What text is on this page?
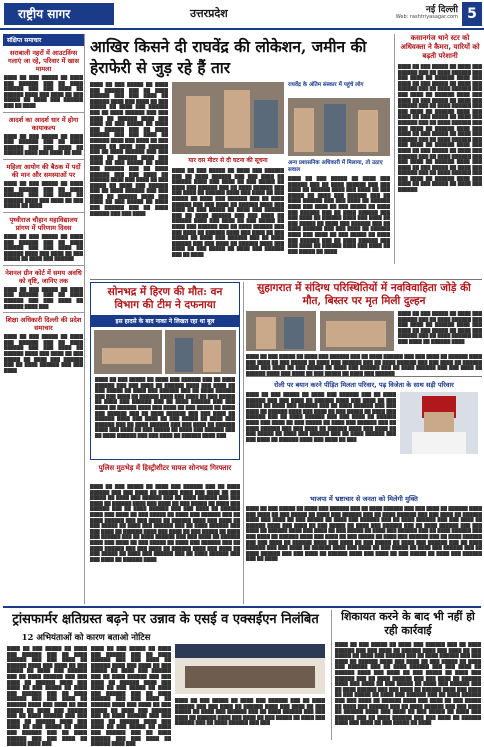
राष्ट्रीय सागर	उत्तरप्रदेश	नई दिल्ली
Web: rashtriyasagar.com 5
संक्षिप्त समाचार
सराबाली नहरों में आउटविंग्स गलाएं जा रहे, परिवार में खास मामला
████ ██ ███ █████ ██ ████ ███ ██████ ███ ██ ████ ██████ ███ ███ ████ ██ ██████ ████ ███ ████ ██ ███ █████ ██ ████ ███ ██████ ███ ██ ████
आदर्श का आदर्श धार में होगा कायाकल्प
████ ██ ███ █████ ██ ████ ███ ██████ ███ ██ ████ ██████ ███ ███ ████ ██ ██████ ████ ███ ████ ██ ███
महिला आयोग की बैठक में पदों की मान और समस्याओं पर
████ ██ ███ █████ ██ ████ ███ ██████ ███ ██ ████ ██████ ███ ███ ████ ██ ██████ ████ ███ ████ ██ ███ █████ ██ ████
पृथ्वीराज चौहान महाविद्यालय प्रांगण में परिणाम दिवस
████ ██ ███ █████ ██ ████ ███ ██████ ███ ██ ████ ██████ ███ ███ ████ ██ ██████ ████ ███ ████ ██ ███ █████ ██ ████ ███ ██████
नेशनल ग्रीन कोर्ट में समय अवधि को वृष्टि, जानिए तक
████ ██ ███ █████ ██ ████ ███ ██████ ███ ██ ████ ██████ ███ ███ ████ ██ ██████ ████ ███
शिक्षा अधिकारी दिल्ली की प्रदेश समाचार
████ ██ ███ █████ ██ ████ ███ ██████ ███ ██ ████ ██████ ███ ███ ████ ██ ██████ ████ ███ ████ ██ ███ █████ ██ ████ ███ ██████ ███ ██ ████ ██████ ███ ███ ████
आखिर किसने दी राघवेंद्र की लोकेशन, जमीन की हेराफेरी से जुड़ रहे हैं तार
कसानगंज थाने स्टर को अधिवक्ता ने कैमरा, यारियों को बढ़ती परेशानी
████ ██ ███ █████ ██ ████ ███ ██████ ███ ██ ████ ██████ ███ ███ ████ ██ ██████ ████ ███ ████ ██ ███ █████ ██ ████ ███ ██████ ███ ██ ████ ██████ ███ ███ ████ ██ ██████ ████ ███ ████ ██ ███ █████ ██ ████ ███ ██████ ███ ██ ████ ██████ ███ ███ ████ ██ ██████ ████ ███ ████ ██ ███ █████ ██ ████ ███ ██████ ███ ██ ████ ██████ ███ ███ ████ ██ ██████ ████ ███ ████ ██ ███ █████ ██ ████ ███ ██████ ███ ██ ████ ██████ ███ ███ ████ ██ ██████ ████ ███ ████ ██ ███ █████ ██ ████ ███ ██████ ███ ██ ████ ██████ ███ ███ ████ ██ ██████ ████ ███ ████ ██ ███ █████ ██ ████ ███ ██████ ███ ██ ████ ██████ ███ ███ ████ ██ ██████ ████ ███ ████ ██ ███ █████ ██ ████ ███ ██████
████ ██ ███ █████ ██ ████ ███ ██████ ███ ██ ████ ██████ ███ ███ ████ ██ ██████ ████ ███ ████ ██ ███ █████ ██ ████ ███ ██████ ███ ██ ████ ██████ ███ ███ ████ ██ ██████ ████ ███ ████ ██ ███ █████ ██ ████ ███ ██████ ███ ██ ████ ██████ ███ ███ ████ ██ ██████ ████ ███ ████ ██ ███ █████ ██ ████ ███ ██████ ███ ██ ████ ██████ ███ ███ ████ ██ ██████ ████ ███ ████ ██ ███ █████ ██ ████ ███ ██████ ███ ██ ████ ██████ ███ ███ ████ ██ ██████ ████ ███ ████ ██ ███ █████ ██ ████ ███ ██████ ███ ██ ████ ██████ ███ ███ ████ ██ ██████ ████ ███ ████ ██ ███ █████ ██ ████ ███ ██████ ███ ██ ████ ██████ ███ ███ ████
यार दस मीटर से दी घटना की सूचना
████ ██ ███ █████ ██ ████ ███ ██████ ███ ██ ████ ██████ ███ ███ ████ ██ ██████ ████ ███ ████ ██ ███ █████ ██ ████ ███ ██████ ███ ██ ████ ██████ ███ ███ ████ ██ ██████ ████ ███ ████ ██ ███ █████ ██ ████ ███ ██████ ███ ██ ████ ██████ ███ ███ ████ ██ ██████ ████ ███ ████ ██ ███ █████ ██ ████ ███ ██████ ███ ██ ████ ██████ ███ ███ ████ ██ ██████ ████ ███ ████ ██ ███ █████ ██ ████ ███ ██████ ███ ██ ████ ██████ ███ ███ ████ ██ ██████ ████ ███ ████ ██ ███ █████ ██ ████ ███ ██████ ███ ██ ████ ██████ ███ ███ ████ ██ ██████ ████ ███ ████ ██ ███ █████ ██ ████ ███ ██████ ███ ██ ████
राघवेंद्र के अंतिम संस्कार में पहुंचे लोग
अन्य प्रशासनिक अधिकारी में मिलाया, तो उठाए सवाल
████ ██ ███ █████ ██ ████ ███ ██████ ███ ██ ████ ██████ ███ ███ ████ ██ ██████ ████ ███ ████ ██ ███ █████ ██ ████ ███ ██████ ███ ██ ████ ██████ ███ ███ ████ ██ ██████ ████ ███ ████ ██ ███ █████ ██ ████ ███ ██████ ███ ██ ████ ██████ ███ ███ ████ ██ ██████ ████ ███ ████ ██ ███ █████ ██ ████ ███ ██████ ███ ██ ████ ██████ ███ ███ ████ ██ ██████ ████ ███ ████ ██ ███ █████ ██ ████ ███ ██████ ███ ██ ████ ██████ ███ ███ ████ ██ ██████ ████ ███ ████ ██ ███ █████ ██ ████
सोनभद्र में हिरण की मौत: वन विभाग की टीम ने दफनाया
इस हादसे के बाद नाका ने लिखत रहा था बूल
████ ██ ███ █████ ██ ████ ███ ██████ ███ ██ ████ ██████ ███ ███ ████ ██ ██████ ████ ███ ████ ██ ███ █████ ██ ████ ███ ██████ ███ ██ ████ ██████ ███ ███ ████ ██ ██████ ████ ███ ████ ██ ███ █████ ██ ████ ███ ██████ ███ ██ ████ ██████ ███ ███ ████ ██ ██████ ████ ███ ████ ██ ███ █████ ██ ████ ███ ██████ ███ ██ ████ ██████ ███ ███ ████ ██ ██████ ████ ███ ████ ██ ███ █████ ██ ████ ███ ██████ ███ ██ ████ ██████ ███ ███ ████ ██ ██████ ████ ███ ████ ██ ███ █████ ██ ████ ███ ██████ ███ ██ ████ ██████ ███ ███ ████ ██ ██████ ████ ███
पुलिस मुठभेड़ में हिस्ट्रीशीटर घायल सोनभद्र गिरफ्तार
████ ██ ███ █████ ██ ████ ███ ██████ ███ ██ ████ ██████ ███ ███ ████ ██ ██████ ████ ███ ████ ██ ███ █████ ██ ████ ███ ██████ ███ ██ ████ ██████ ███ ███ ████ ██ ██████ ████ ███ ████ ██ ███ █████ ██ ████ ███ ██████ ███ ██ ████ ██████ ███ ███ ████ ██ ██████ ████ ███ ████ ██ ███ █████ ██ ████ ███ ██████ ███ ██ ████ ██████ ███ ███ ████ ██ ██████ ████ ███ ████ ██ ███ █████ ██ ████ ███ ██████ ███ ██ ████ ██████ ███ ███ ████ ██ ██████ ████ ███ ████ ██ ███ █████ ██ ████ ███ ██████ ███ ██ ████ ██████ ███ ███ ████ ██ ██████ ████ ███ ████ ██ ███ █████ ██ ████ ███ ██████ ███ ██ ████ ██████ ███ ███ ████ ██ ██████ ████ ███ ████ ██ ███ █████ ██ ████ ███ ██████ ███ ██ ████ ██████ ███ ███ ████ ██ ██████ ████
सुहागरात में संदिग्ध परिस्थितियों में नवविवाहिता जोड़े की मौत, बिस्तर पर मृत मिली दुल्हन
████ ██ ███ █████ ██ ████ ███ ██████ ███ ██ ████ ██████ ███ ███ ████ ██ ██████ ████ ███ ████ ██ ███ █████ ██ ████ ███ ██████ ███ ██ ████ ██████ ███ ███ ████ ██ ██████ ████
████ ██ ███ █████ ██ ████ ███ ██████ ███ ██ ████ ██████ ███ ███ ████ ██ ██████ ████ ███ ████ ██ ███ █████ ██ ████ ███ ██████ ███ ██ ████ ██████ ███ ███ ████ ██ ██████ ████ ███ ████ ██ ███ █████ ██ ████ ███ ██████ ███ ██ ████ ██████ ███ ███ ████ ██ ██████ ████ ███ ████ ██ ███ █████ ██ ████ ███ ██████
रोली पर बयान करने पीड़ित मिलता परिवार, पढ़ विजेता के साथ सड़ी परिवार
████ ██ ███ █████ ██ ████ ███ ██████ ███ ██ ████ ██████ ███ ███ ████ ██ ██████ ████ ███ ████ ██ ███ █████ ██ ████ ███ ██████ ███ ██ ████ ██████ ███ ███ ████ ██ ██████ ████ ███ ████ ██ ███ █████ ██ ████ ███ ██████ ███ ██ ████ ██████ ███ ███ ████ ██ ██████ ████ ███ ████ ██ ███ █████ ██ ████ ███ ██████ ███ ██ ████ ██████ ███ ███ ████ ██ ██████ ████ ███ ████ ██ ███ █████ ██ ████ ███ ██████ ███ ██ ████ ██████ ███ ███ ████ ██ ██████ ████ ███ ████ ██ ███
भाजपा में भ्रष्टाचार से जनता को मिलेगी मुक्ति
████ ██ ███ █████ ██ ████ ███ ██████ ███ ██ ████ ██████ ███ ███ ████ ██ ██████ ████ ███ ████ ██ ███ █████ ██ ████ ███ ██████ ███ ██ ████ ██████ ███ ███ ████ ██ ██████ ████ ███ ████ ██ ███ █████ ██ ████ ███ ██████ ███ ██ ████ ██████ ███ ███ ████ ██ ██████ ████ ███ ████ ██ ███ █████ ██ ████ ███ ██████ ███ ██ ████ ██████ ███ ███ ████ ██ ██████ ████ ███ ████ ██ ███ █████ ██ ████ ███ ██████ ███ ██ ████ ██████ ███ ███ ████ ██ ██████ ████ ███ ████ ██ ███ █████ ██ ████ ███ ██████ ███ ██ ████ ██████ ███ ███ ████ ██ ██████ ████ ███ ████ ██ ███ █████ ██ ████ ███ ██████ ███ ██ ████ ██████ ███ ███ ████ ██ ██████ ████ ███ ████ ██ ███ █████ ██ ████ ███ ██████ ███ ██ ████ ██████ ███ ███ ████ ██ ██████ ████ ███ ████ ██ ███ █████ ██ ████ ███ ██████ ███ ██ ████
ट्रांसफार्मर क्षतिग्रस्त बढ़ने पर उन्नाव के एसई व एक्सईएन निलंबित
12 अभियंताओं को कारण बताओ नोटिस
████ ██ ███ █████ ██ ████ ███ ██████ ███ ██ ████ ██████ ███ ███ ████ ██ ██████ ████ ███ ████ ██ ███ █████ ██ ████ ███ ██████ ███ ██ ████ ██████ ███ ███ ████ ██ ██████ ████ ███ ████ ██ ███ █████ ██ ████ ███ ██████ ███ ██ ████ ██████ ███ ███ ████ ██ ██████ ████ ███ ████ ██ ███ █████ ██ ████ ███ ██████ ███ ██ ████ ██████ ███ ███ ████ ██ ██████ ████ ███ ████ ██ ███ █████ ██ ████ ███ ██████ ███ ██ ████ ██████ ███ ███ ████ ██ ██████ ████ ███
████ ██ ███ █████ ██ ████ ███ ██████ ███ ██ ████ ██████ ███ ███ ████ ██ ██████ ████ ███ ████ ██ ███ █████ ██ ████ ███ ██████ ███ ██ ████ ██████ ███ ███ ████ ██ ██████ ████ ███ ████ ██ ███ █████ ██ ████ ███ ██████ ███ ██ ████ ██████ ███ ███ ████ ██ ██████ ████ ███ ████ ██ ███ █████ ██ ████ ███ ██████ ███ ██ ████ ██████ ███ ███ ████ ██ ██████ ████ ███ ████ ██ ███ █████ ██ ████ ███ ██████ ███ ██ ████ ██████ ███ ███ ████ ██ ██████ ████ ███
████ ██ ███ █████ ██ ████ ███ ██████ ███ ██ ████ ██████ ███ ███ ████ ██ ██████ ████ ███ ████ ██ ███ █████ ██ ████ ███ ██████ ███ ██ ████ ██████ ███ ███ ████ ██ ██████ ████ ███ ████ ██ ███ █████ ██ ████ ███ ██████ ███ ██ ████ ██████ ███ ███
शिकायत करने के बाद भी नहीं हो रही कार्रवाई
████ ██ ███ █████ ██ ████ ███ ██████ ███ ██ ████ ██████ ███ ███ ████ ██ ██████ ████ ███ ████ ██ ███ █████ ██ ████ ███ ██████ ███ ██ ████ ██████ ███ ███ ████ ██ ██████ ████ ███ ████ ██ ███ █████ ██ ████ ███ ██████ ███ ██ ████ ██████ ███ ███ ████ ██ ██████ ████ ███ ████ ██ ███ █████ ██ ████ ███ ██████ ███ ██ ████ ██████ ███ ███ ████ ██ ██████ ████ ███ ████ ██ ███ █████ ██ ████ ███ ██████ ███ ██ ████ ██████ ███ ███ ████ ██ ██████ ████ ███ ████ ██ ███ █████ ██ ████ ███ ██████ ███ ██ ████ ██████ ███ ███ ████ ██ ██████ ████ ███ ████ ██ ███ █████ ██ ████ ███ ██████ ███ ██ ████ ██████ ███ ███ ████ ██ ██████ ████ ███ ████ ██ ███ █████ ██ ████ ███ ██████ ███ ██ ████ ██████ ███ ███ ████ ██ ██████ ████ ███ ████ ██ ███ █████ ██ ████
